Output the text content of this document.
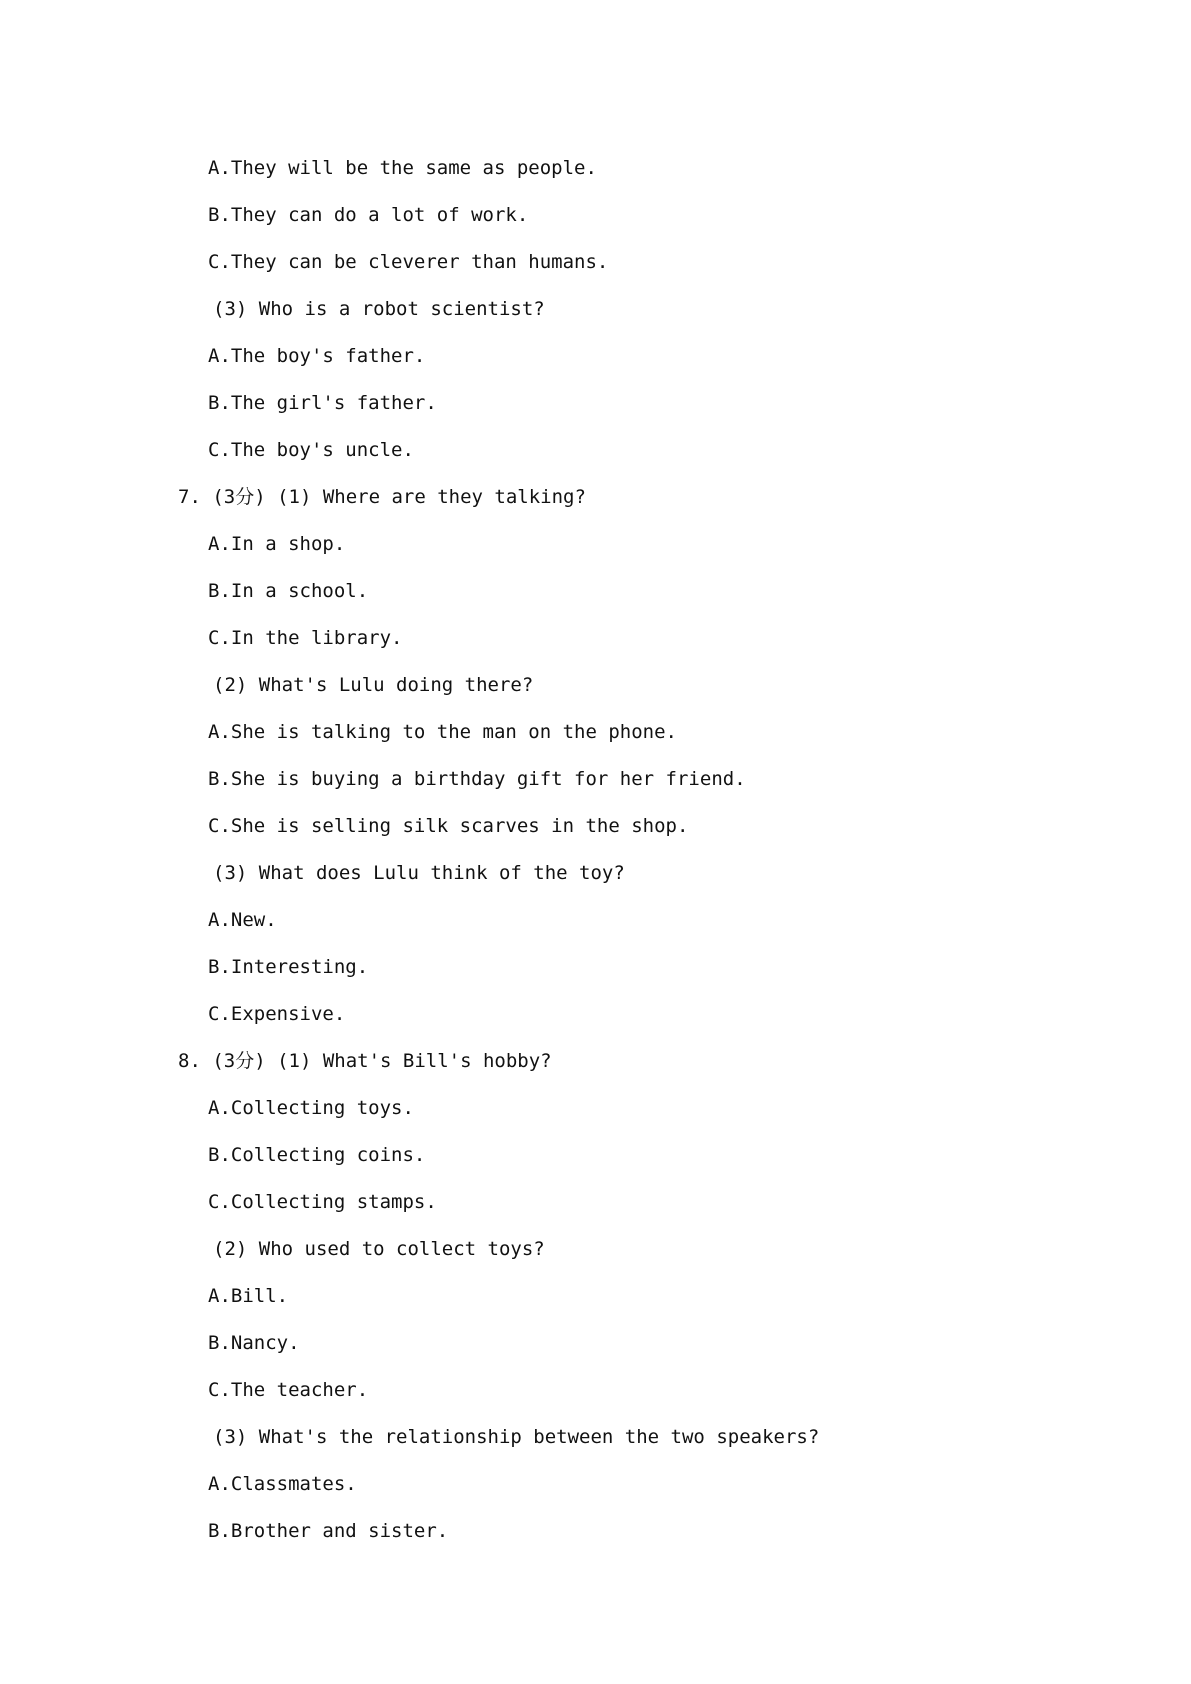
A.They will be the same as people.
B.They can do a lot of work.
C.They can be cleverer than humans.
(3) Who is a robot scientist?
A.The boy's father.
B.The girl's father.
C.The boy's uncle.
7. (3分) (1) Where are they talking?
A.In a shop.
B.In a school.
C.In the library.
(2) What's Lulu doing there?
A.She is talking to the man on the phone.
B.She is buying a birthday gift for her friend.
C.She is selling silk scarves in the shop.
(3) What does Lulu think of the toy?
A.New.
B.Interesting.
C.Expensive.
8. (3分) (1) What's Bill's hobby?
A.Collecting toys.
B.Collecting coins.
C.Collecting stamps.
(2) Who used to collect toys?
A.Bill.
B.Nancy.
C.The teacher.
(3) What's the relationship between the two speakers?
A.Classmates.
B.Brother and sister.
